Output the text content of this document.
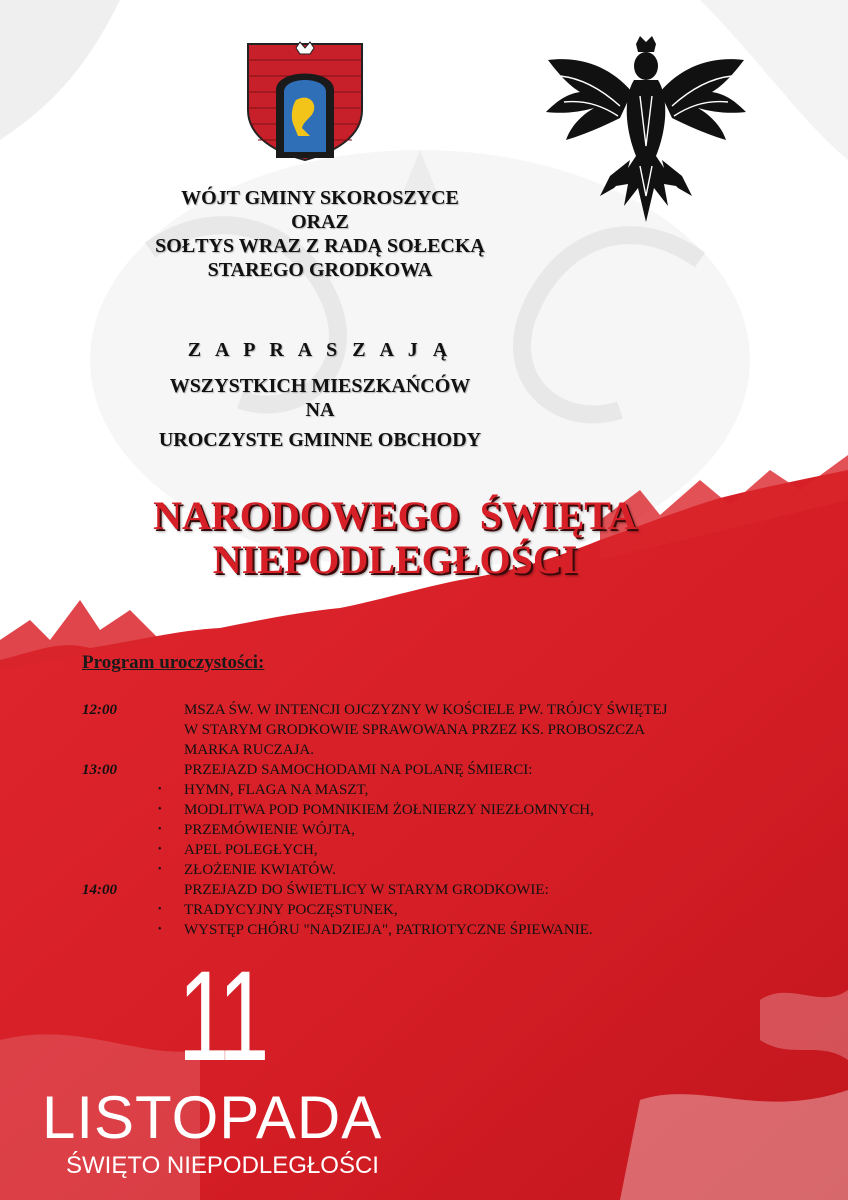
WÓJT GMINY SKOROSZYCE
ORAZ
SOŁTYS WRAZ Z RADĄ SOŁECKĄ
STAREGO GRODKOWA
Z A P R A S Z A J Ą
WSZYSTKICH MIESZKAŃCÓW
NA
UROCZYSTE GMINNE OBCHODY
NARODOWEGO  ŚWIĘTA
NIEPODLEGŁOŚCI
Program uroczystości:
12:00	MSZA ŚW. W INTENCJI OJCZYZNY W KOŚCIELE PW. TRÓJCY ŚWIĘTEJ
W STARYM GRODKOWIE SPRAWOWANA PRZEZ KS. PROBOSZCZA
MARKA RUCZAJA.
13:00	PRZEJAZD SAMOCHODAMI NA POLANĘ ŚMIERCI:
• HYMN, FLAGA NA MASZT,
• MODLITWA POD POMNIKIEM ŻOŁNIERZY NIEZŁOMNYCH,
• PRZEMÓWIENIE WÓJTA,
• APEL POLEGŁYCH,
• ZŁOŻENIE KWIATÓW.
14:00	PRZEJAZD DO ŚWIETLICY W STARYM GRODKOWIE:
• TRADYCYJNY POCZĘSTUNEK,
• WYSTĘP CHÓRU "NADZIEJA", PATRIOTYCZNE ŚPIEWANIE.
11
LISTOPADA
ŚWIĘTO NIEPODLEGŁOŚCI
